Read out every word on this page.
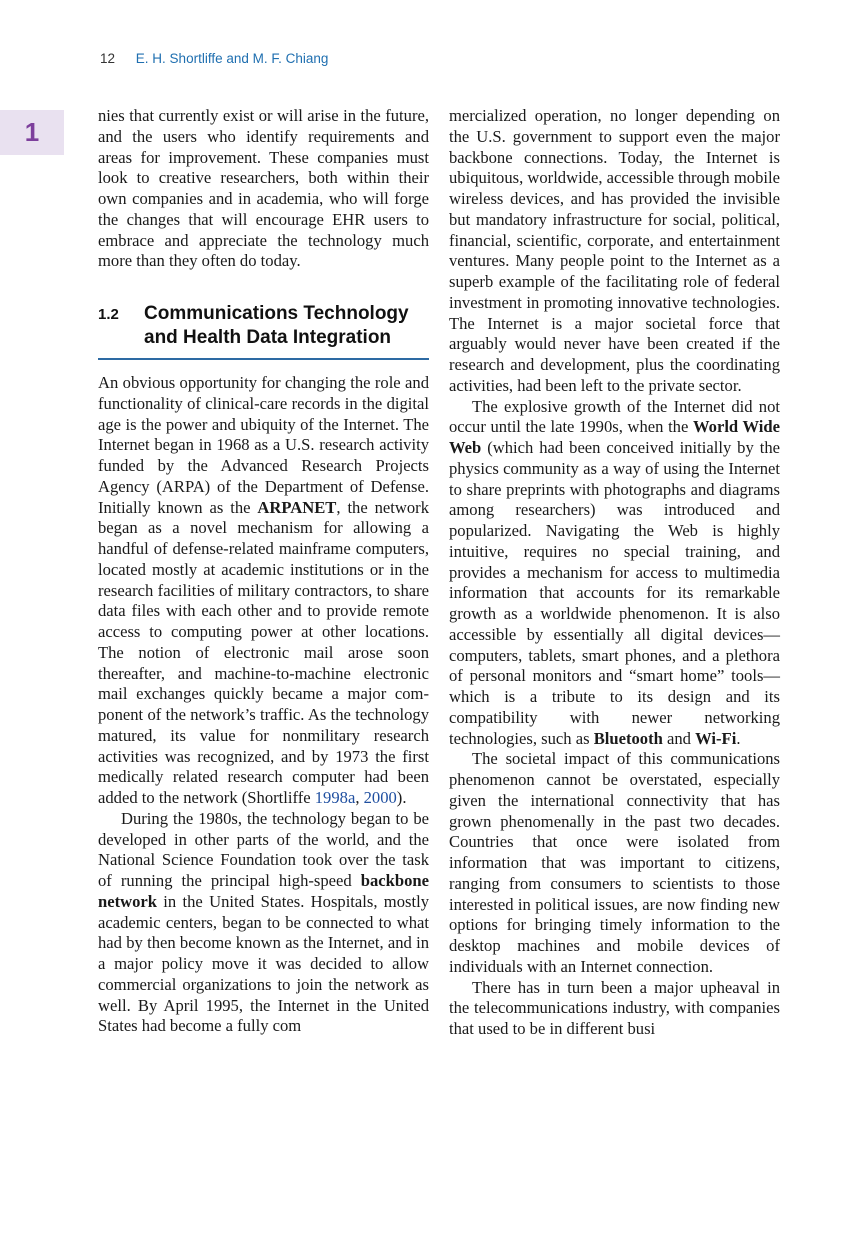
12 E. H. Shortliffe and M. F. Chiang
1

nies that currently exist or will arise in the future, and the users who identify requirements and areas for improvement. These companies must look to creative researchers, both within their own companies and in academia, who will forge the changes that will encourage EHR users to embrace and appreciate the technology much more than they often do today.

1.2	Communications Technology and Health Data Integration

An obvious opportunity for changing the role and functionality of clinical-care records in the digital age is the power and ubiquity of the Internet. The Internet began in 1968 as a U.S. research activity funded by the Advanced Research Projects Agency (ARPA) of the Department of Defense. Initially known as the ARPANET, the network began as a novel mechanism for allowing a handful of defense-related mainframe computers, located mostly at academic institutions or in the research facilities of military contractors, to share data files with each other and to provide remote access to computing power at other locations. The notion of electronic mail arose soon thereafter, and machine-to-machine electronic mail exchanges quickly became a major component of the network’s traffic. As the technology matured, its value for nonmilitary research activities was recognized, and by 1973 the first medically related research computer had been added to the network (Shortliffe 1998a, 2000).

During the 1980s, the technology began to be developed in other parts of the world, and the National Science Foundation took over the task of running the principal high-speed backbone network in the United States. Hospitals, mostly academic centers, began to be connected to what had by then become known as the Internet, and in a major policy move it was decided to allow commercial organizations to join the network as well. By April 1995, the Internet in the United States had become a fully com

mercialized operation, no longer depending on the U.S. government to support even the major backbone connections. Today, the Internet is ubiquitous, worldwide, accessible through mobile wireless devices, and has provided the invisible but mandatory infrastructure for social, political, financial, scientific, corporate, and entertainment ventures. Many people point to the Internet as a superb example of the facilitating role of federal investment in promoting innovative technologies. The Internet is a major societal force that arguably would never have been created if the research and development, plus the coordinating activities, had been left to the private sector.

The explosive growth of the Internet did not occur until the late 1990s, when the World Wide Web (which had been conceived initially by the physics community as a way of using the Internet to share preprints with photographs and diagrams among researchers) was introduced and popularized. Navigating the Web is highly intuitive, requires no special training, and provides a mechanism for access to multimedia information that accounts for its remarkable growth as a worldwide phenomenon. It is also accessible by essentially all digital devices—computers, tablets, smart phones, and a plethora of personal monitors and “smart home” tools—which is a tribute to its design and its compatibility with newer networking technologies, such as Bluetooth and Wi-Fi.

The societal impact of this communications phenomenon cannot be overstated, especially given the international connectivity that has grown phenomenally in the past two decades. Countries that once were isolated from information that was important to citizens, ranging from consumers to scientists to those interested in political issues, are now finding new options for bringing timely information to the desktop machines and mobile devices of individuals with an Internet connection.

There has in turn been a major upheaval in the telecommunications industry, with companies that used to be in different busi
